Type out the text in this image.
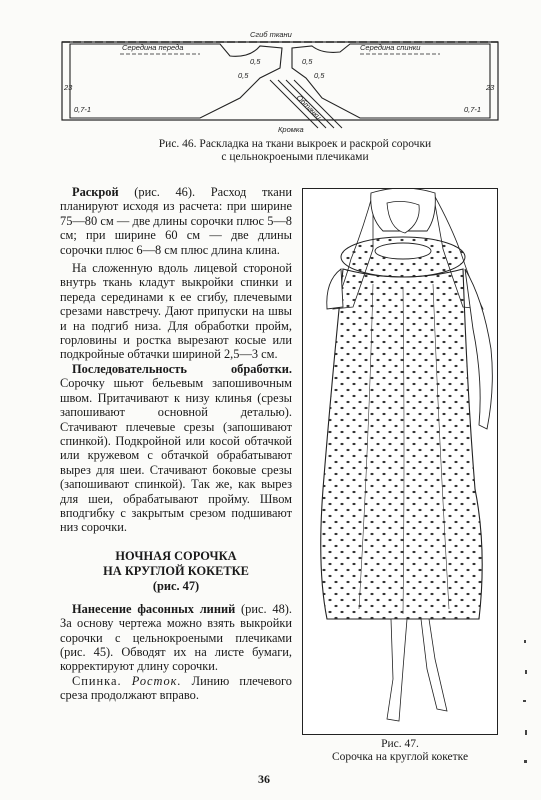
Сгиб ткани
Середина переда	Середина спинки
Кромка
Обтачки
23	23
0,5
0,5
0,5
0,5
0,7-1	0,7-1
Рис. 46. Раскладка на ткани выкроек и раскрой сорочки
с цельнокроеными плечиками

Раскрой (рис. 46). Расход ткани планируют исходя из расчета: при ширине 75—80 см — две длины сорочки плюс 5—8 см; при ширине 60 см — две длины сорочки плюс 6—8 см плюс длина клина.

На сложенную вдоль лицевой стороной внутрь ткань кладут выкройки спинки и переда серединами к ее сгибу, плечевыми срезами навстречу. Дают припуски на швы и на подгиб низа. Для обработки пройм, горловины и ростка вырезают косые или подкройные обтачки шириной 2,5—3 см.

Последовательность обработки. Сорочку шьют бельевым запошивочным швом. Притачивают к низу клинья (срезы запошивают основной деталью). Стачивают плечевые срезы (запошивают спинкой). Подкройной или косой обтачкой или кружевом с обтачкой обрабатывают вырез для шеи. Стачивают боковые срезы (запошивают спинкой). Так же, как вырез для шеи, обрабатывают пройму. Швом вподгибку с закрытым срезом подшивают низ сорочки.

НОЧНАЯ СОРОЧКА
НА КРУГЛОЙ КОКЕТКЕ
(рис. 47)

Нанесение фасонных линий (рис. 48). За основу чертежа можно взять выкройки сорочки с цельнокроеными плечиками (рис. 45). Обводят их на листе бумаги, корректируют длину сорочки.

Спинка. Росток. Линию плечевого среза продолжают вправо.

Рис. 47.
Сорочка на круглой кокетке
36
